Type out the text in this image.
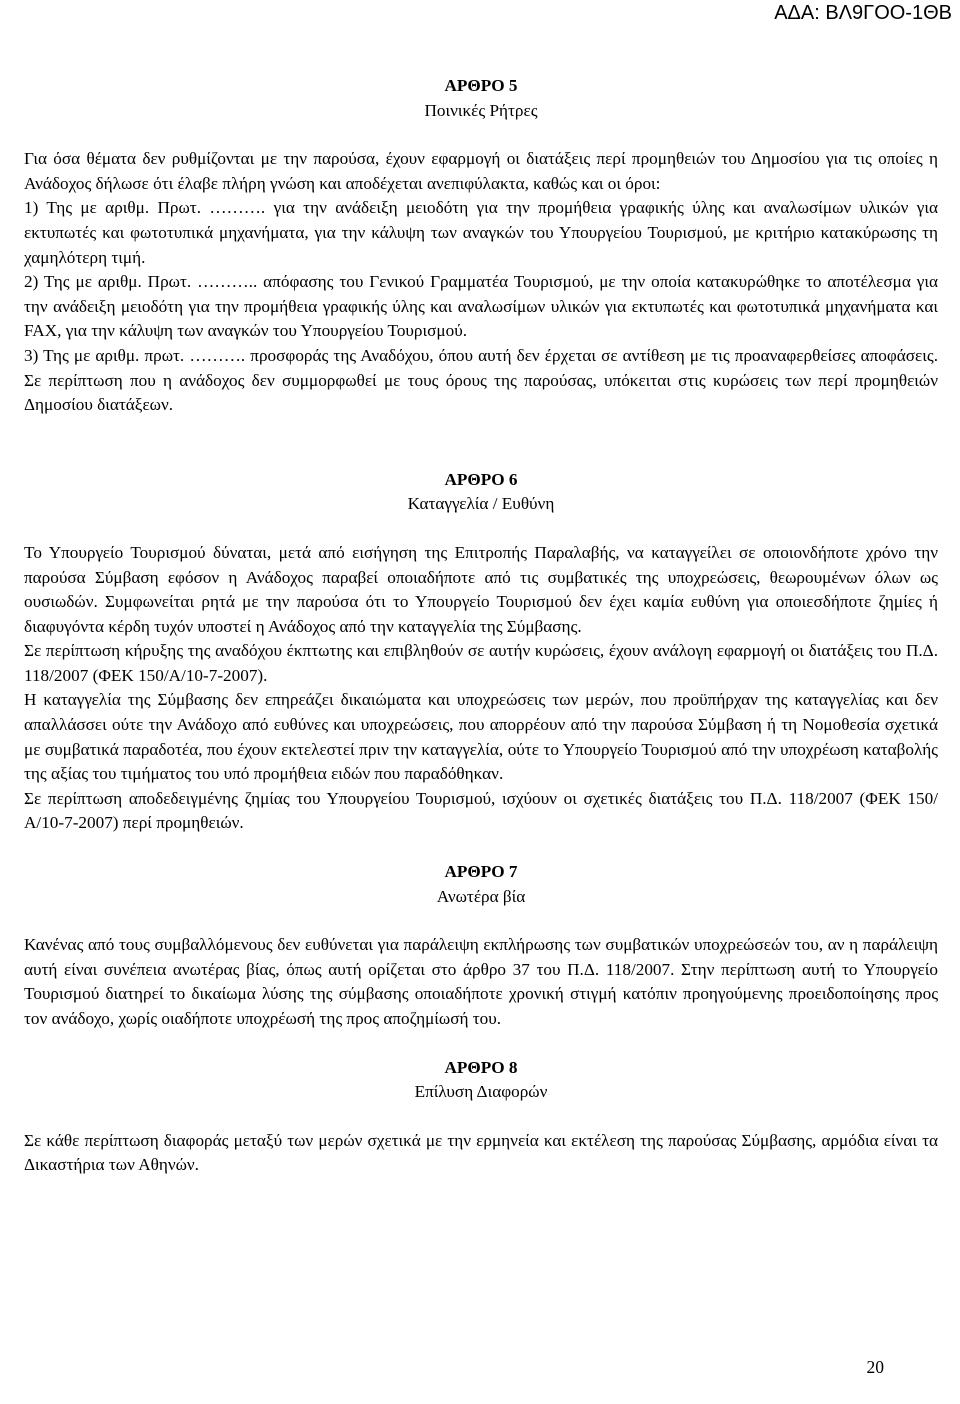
ΑΔΑ: ΒΛ9ΓΟΟ-1ΘΒ
ΑΡΘΡΟ 5
Ποινικές Ρήτρες

Για όσα θέματα δεν ρυθμίζονται με την παρούσα, έχουν εφαρμογή οι διατάξεις περί προμηθειών του Δημοσίου για τις οποίες η Ανάδοχος δήλωσε ότι έλαβε πλήρη γνώση και αποδέχεται ανεπιφύλακτα, καθώς και οι όροι:

1) Της με αριθμ. Πρωτ. ………. για την ανάδειξη μειοδότη για την προμήθεια γραφικής ύλης και αναλωσίμων υλικών για εκτυπωτές και φωτοτυπικά μηχανήματα, για την κάλυψη των αναγκών του Υπουργείου Τουρισμού, με κριτήριο κατακύρωσης τη χαμηλότερη τιμή.

2) Της με αριθμ. Πρωτ. ……….. απόφασης του Γενικού Γραμματέα Τουρισμού, με την οποία κατακυρώθηκε το αποτέλεσμα για την ανάδειξη μειοδότη για την προμήθεια γραφικής ύλης και αναλωσίμων υλικών για εκτυπωτές και φωτοτυπικά μηχανήματα και FAX, για την κάλυψη των αναγκών του Υπουργείου Τουρισμού.

3) Της με αριθμ. πρωτ. ………. προσφοράς της Αναδόχου, όπου αυτή δεν έρχεται σε αντίθεση με τις προαναφερθείσες αποφάσεις. Σε περίπτωση που η ανάδοχος δεν συμμορφωθεί με τους όρους της παρούσας, υπόκειται στις κυρώσεις των περί προμηθειών Δημοσίου διατάξεων.

ΑΡΘΡΟ 6
Καταγγελία / Ευθύνη

Το Υπουργείο Τουρισμού δύναται, μετά από εισήγηση της Επιτροπής Παραλαβής, να καταγγείλει σε οποιονδήποτε χρόνο την παρούσα Σύμβαση εφόσον η Ανάδοχος παραβεί οποιαδήποτε από τις συμβατικές της υποχρεώσεις, θεωρουμένων όλων ως ουσιωδών. Συμφωνείται ρητά με την παρούσα ότι το Υπουργείο Τουρισμού δεν έχει καμία ευθύνη για οποιεσδήποτε ζημίες ή διαφυγόντα κέρδη τυχόν υποστεί η Ανάδοχος από την καταγγελία της Σύμβασης.

Σε περίπτωση κήρυξης της αναδόχου έκπτωτης και επιβληθούν σε αυτήν κυρώσεις, έχουν ανάλογη εφαρμογή οι διατάξεις του Π.Δ. 118/2007 (ΦΕΚ 150/Α/10-7-2007).

Η καταγγελία της Σύμβασης δεν επηρεάζει δικαιώματα και υποχρεώσεις των μερών, που προϋπήρχαν της καταγγελίας και δεν απαλλάσσει ούτε την Ανάδοχο από ευθύνες και υποχρεώσεις, που απορρέουν από την παρούσα Σύμβαση ή τη Νομοθεσία σχετικά με συμβατικά παραδοτέα, που έχουν εκτελεστεί πριν την καταγγελία, ούτε το Υπουργείο Τουρισμού από την υποχρέωση καταβολής της αξίας του τιμήματος του υπό προμήθεια ειδών που παραδόθηκαν.

Σε περίπτωση αποδεδειγμένης ζημίας του Υπουργείου Τουρισμού, ισχύουν οι σχετικές διατάξεις του Π.Δ. 118/2007 (ΦΕΚ 150/Α/10-7-2007) περί προμηθειών.

ΑΡΘΡΟ 7
Ανωτέρα βία

Κανένας από τους συμβαλλόμενους δεν ευθύνεται για παράλειψη εκπλήρωσης των συμβατικών υποχρεώσεών του, αν η παράλειψη αυτή είναι συνέπεια ανωτέρας βίας, όπως αυτή ορίζεται στο άρθρο 37 του Π.Δ. 118/2007. Στην περίπτωση αυτή το Υπουργείο Τουρισμού διατηρεί το δικαίωμα λύσης της σύμβασης οποιαδήποτε χρονική στιγμή κατόπιν προηγούμενης προειδοποίησης προς τον ανάδοχο, χωρίς οιαδήποτε υποχρέωσή της προς αποζημίωσή του.

ΑΡΘΡΟ 8
Επίλυση Διαφορών

Σε κάθε περίπτωση διαφοράς μεταξύ των μερών σχετικά με την ερμηνεία και εκτέλεση της παρούσας Σύμβασης, αρμόδια είναι τα Δικαστήρια των Αθηνών.

20
